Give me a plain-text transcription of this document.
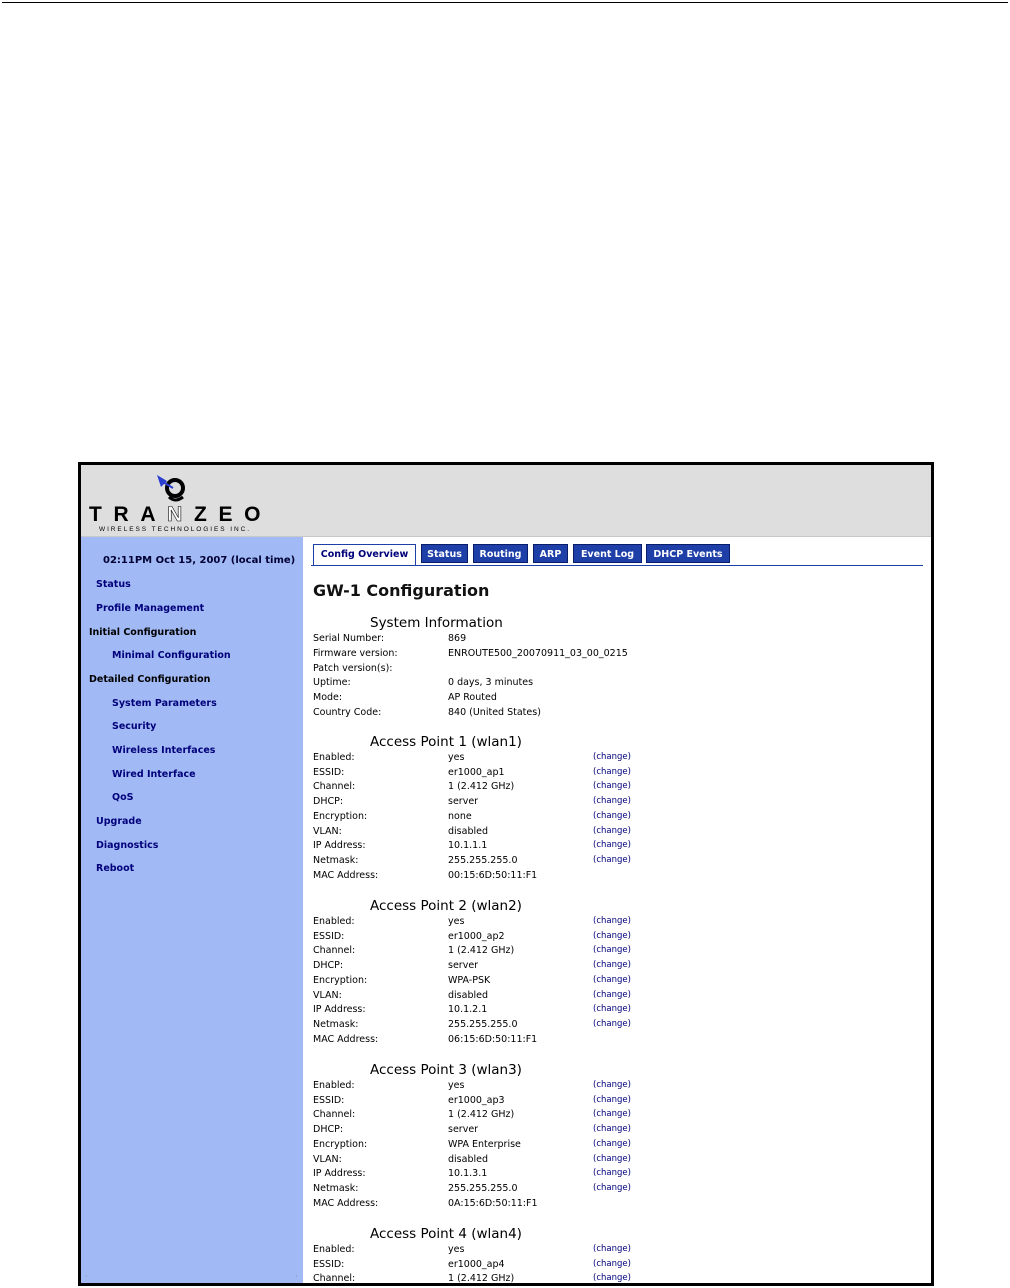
TRA N ZEO
WIRELESS TECHNOLOGIES INC.
02:11PM Oct 15, 2007 (local time)
Status
Profile Management
Initial Configuration
Minimal Configuration
Detailed Configuration
System Parameters
Security
Wireless Interfaces
Wired Interface
QoS
Upgrade
Diagnostics
Reboot
·	·
Config Overview	Status	Routing	ARP	Event Log	DHCP Events
GW-1 Configuration
System Information
Serial Number:	869
Firmware version:	ENROUTE500_20070911_03_00_0215
Patch version(s):
Uptime:	0 days, 3 minutes
Mode:	AP Routed
Country Code:	840 (United States)
Access Point 1 (wlan1)
Enabled:	yes	(change)
ESSID:	er1000_ap1	(change)
Channel:	1 (2.412 GHz)	(change)
DHCP:	server	(change)
Encryption:	none	(change)
VLAN:	disabled	(change)
IP Address:	10.1.1.1	(change)
Netmask:	255.255.255.0	(change)
MAC Address:	00:15:6D:50:11:F1
Access Point 2 (wlan2)
Enabled:	yes	(change)
ESSID:	er1000_ap2	(change)
Channel:	1 (2.412 GHz)	(change)
DHCP:	server	(change)
Encryption:	WPA-PSK	(change)
VLAN:	disabled	(change)
IP Address:	10.1.2.1	(change)
Netmask:	255.255.255.0	(change)
MAC Address:	06:15:6D:50:11:F1
Access Point 3 (wlan3)
Enabled:	yes	(change)
ESSID:	er1000_ap3	(change)
Channel:	1 (2.412 GHz)	(change)
DHCP:	server	(change)
Encryption:	WPA Enterprise	(change)
VLAN:	disabled	(change)
IP Address:	10.1.3.1	(change)
Netmask:	255.255.255.0	(change)
MAC Address:	0A:15:6D:50:11:F1
Access Point 4 (wlan4)
Enabled:	yes	(change)
ESSID:	er1000_ap4	(change)
Channel:	1 (2.412 GHz)	(change)
